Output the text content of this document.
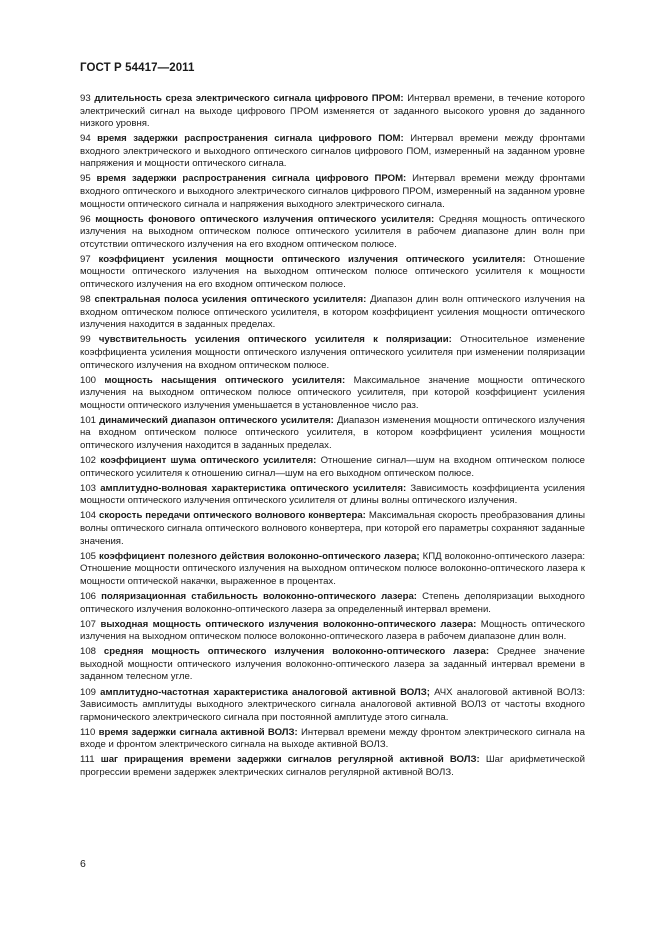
ГОСТ Р 54417—2011

93 длительность среза электрического сигнала цифрового ПРОМ: Интервал времени, в течение которого электрический сигнал на выходе цифрового ПРОМ изменяется от заданного высокого уровня до заданного низкого уровня.

94 время задержки распространения сигнала цифрового ПОМ: Интервал времени между фронтами входного электрического и выходного оптического сигналов цифрового ПОМ, измеренный на заданном уровне напряжения и мощности оптического сигнала.

95 время задержки распространения сигнала цифрового ПРОМ: Интервал времени между фронтами входного оптического и выходного электрического сигналов цифрового ПРОМ, измеренный на заданном уровне мощности оптического сигнала и напряжения выходного электрического сигнала.

96 мощность фонового оптического излучения оптического усилителя: Средняя мощность оптического излучения на выходном оптическом полюсе оптического усилителя в рабочем диапазоне длин волн при отсутствии оптического излучения на его входном оптическом полюсе.

97 коэффициент усиления мощности оптического излучения оптического усилителя: Отношение мощности оптического излучения на выходном оптическом полюсе оптического усилителя к мощности оптического излучения на его входном оптическом полюсе.

98 спектральная полоса усиления оптического усилителя: Диапазон длин волн оптического излучения на входном оптическом полюсе оптического усилителя, в котором коэффициент усиления мощности оптического излучения находится в заданных пределах.

99 чувствительность усиления оптического усилителя к поляризации: Относительное изменение коэффициента усиления мощности оптического излучения оптического усилителя при изменении поляризации оптического излучения на входном оптическом полюсе.

100 мощность насыщения оптического усилителя: Максимальное значение мощности оптического излучения на выходном оптическом полюсе оптического усилителя, при которой коэффициент усиления мощности оптического излучения уменьшается в установленное число раз.

101 динамический диапазон оптического усилителя: Диапазон изменения мощности оптического излучения на входном оптическом полюсе оптического усилителя, в котором коэффициент усиления мощности оптического излучения находится в заданных пределах.

102 коэффициент шума оптического усилителя: Отношение сигнал—шум на входном оптическом полюсе оптического усилителя к отношению сигнал—шум на его выходном оптическом полюсе.

103 амплитудно-волновая характеристика оптического усилителя: Зависимость коэффициента усиления мощности оптического излучения оптического усилителя от длины волны оптического излучения.

104 скорость передачи оптического волнового конвертера: Максимальная скорость преобразования длины волны оптического сигнала оптического волнового конвертера, при которой его параметры сохраняют заданные значения.

105 коэффициент полезного действия волоконно-оптического лазера; КПД волоконно-оптического лазера: Отношение мощности оптического излучения на выходном оптическом полюсе волоконно-оптического лазера к мощности оптической накачки, выраженное в процентах.

106 поляризационная стабильность волоконно-оптического лазера: Степень деполяризации выходного оптического излучения волоконно-оптического лазера за определенный интервал времени.

107 выходная мощность оптического излучения волоконно-оптического лазера: Мощность оптического излучения на выходном оптическом полюсе волоконно-оптического лазера в рабочем диапазоне длин волн.

108 средняя мощность оптического излучения волоконно-оптического лазера: Среднее значение выходной мощности оптического излучения волоконно-оптического лазера за заданный интервал времени в заданном телесном угле.

109 амплитудно-частотная характеристика аналоговой активной ВОЛЗ; АЧХ аналоговой активной ВОЛЗ: Зависимость амплитуды выходного электрического сигнала аналоговой активной ВОЛЗ от частоты входного гармонического электрического сигнала при постоянной амплитуде этого сигнала.

110 время задержки сигнала активной ВОЛЗ: Интервал времени между фронтом электрического сигнала на входе и фронтом электрического сигнала на выходе активной ВОЛЗ.

111 шаг приращения времени задержки сигналов регулярной активной ВОЛЗ: Шаг арифметической прогрессии времени задержек электрических сигналов регулярной активной ВОЛЗ.

6
